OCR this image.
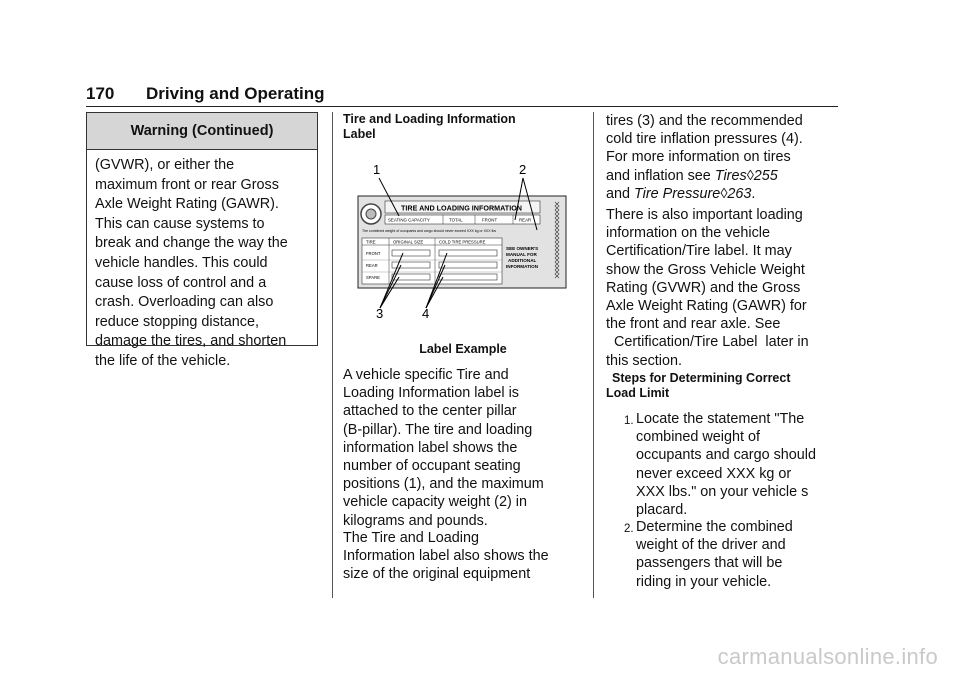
170 Driving and Operating
Warning (Continued)
(GVWR), or either the
maximum front or rear Gross
Axle Weight Rating (GAWR).
This can cause systems to
break and change the way the
vehicle handles. This could
cause loss of control and a
crash. Overloading can also
reduce stopping distance,
damage the tires, and shorten
the life of the vehicle.
Tire and Loading Information
Label
1	2
3	4
TIRE AND LOADING INFORMATION
SEATING CAPACITY	TOTAL	FRONT	REAR
The combined weight of occupants and cargo should never exceed XXX kg or XXX lbs
TIRE	ORIGINAL SIZE	COLD TIRE PRESSURE
FRONT
REAR
SPARE
SEE OWNER'S
MANUAL FOR
ADDITIONAL
INFORMATION
Label Example
A vehicle specific Tire and
Loading Information label is
attached to the center pillar
(B-pillar). The tire and loading
information label shows the
number of occupant seating
positions (1), and the maximum
vehicle capacity weight (2) in
kilograms and pounds.
The Tire and Loading
Information label also shows the
size of the original equipment
tires (3) and the recommended
cold tire inflation pressures (4).
For more information on tires
and inflation see Tires◊255
and Tire Pressure◊263.
There is also important loading
information on the vehicle
Certification/Tire label. It may
show the Gross Vehicle Weight
Rating (GVWR) and the Gross
Axle Weight Rating (GAWR) for
the front and rear axle. See
Certification/Tire Label  later in
this section.
Steps for Determining Correct
Load Limit
1. Locate the statement "The
combined weight of
occupants and cargo should
never exceed XXX kg or
XXX lbs." on your vehicle s
placard.
2. Determine the combined
weight of the driver and
passengers that will be
riding in your vehicle.
carmanualsonline.info
